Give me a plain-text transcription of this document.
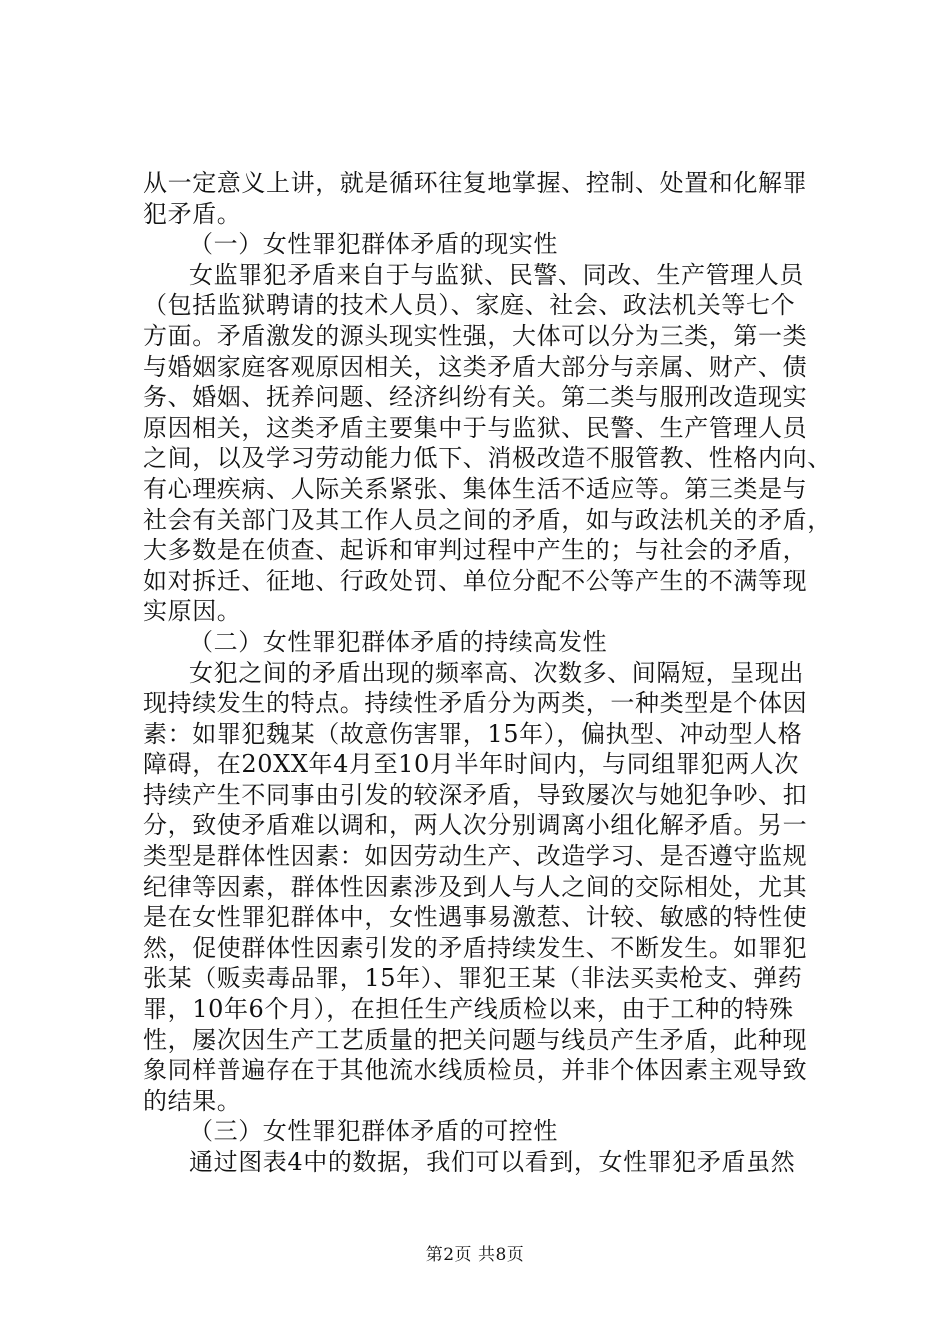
从一定意义上讲，就是循环往复地掌握、控制、处置和化解罪
犯矛盾。
（一）女性罪犯群体矛盾的现实性
女监罪犯矛盾来自于与监狱、民警、同改、生产管理人员
（包括监狱聘请的技术人员）、家庭、社会、政法机关等七个
方面。矛盾激发的源头现实性强，大体可以分为三类，第一类
与婚姻家庭客观原因相关，这类矛盾大部分与亲属、财产、债
务、婚姻、抚养问题、经济纠纷有关。第二类与服刑改造现实
原因相关，这类矛盾主要集中于与监狱、民警、生产管理人员
之间，以及学习劳动能力低下、消极改造不服管教、性格内向、
有心理疾病、人际关系紧张、集体生活不适应等。第三类是与
社会有关部门及其工作人员之间的矛盾，如与政法机关的矛盾，
大多数是在侦查、起诉和审判过程中产生的；与社会的矛盾，
如对拆迁、征地、行政处罚、单位分配不公等产生的不满等现
实原因。
（二）女性罪犯群体矛盾的持续高发性
女犯之间的矛盾出现的频率高、次数多、间隔短，呈现出
现持续发生的特点。持续性矛盾分为两类，一种类型是个体因
素：如罪犯魏某（故意伤害罪，15年），偏执型、冲动型人格
障碍，在20XX年4月至10月半年时间内，与同组罪犯两人次
持续产生不同事由引发的较深矛盾，导致屡次与她犯争吵、扣
分，致使矛盾难以调和，两人次分别调离小组化解矛盾。另一
类型是群体性因素：如因劳动生产、改造学习、是否遵守监规
纪律等因素，群体性因素涉及到人与人之间的交际相处，尤其
是在女性罪犯群体中，女性遇事易激惹、计较、敏感的特性使
然，促使群体性因素引发的矛盾持续发生、不断发生。如罪犯
张某（贩卖毒品罪，15年）、罪犯王某（非法买卖枪支、弹药
罪，10年6个月），在担任生产线质检以来，由于工种的特殊
性，屡次因生产工艺质量的把关问题与线员产生矛盾，此种现
象同样普遍存在于其他流水线质检员，并非个体因素主观导致
的结果。
（三）女性罪犯群体矛盾的可控性
通过图表4中的数据，我们可以看到，女性罪犯矛盾虽然
第2页 共8页
